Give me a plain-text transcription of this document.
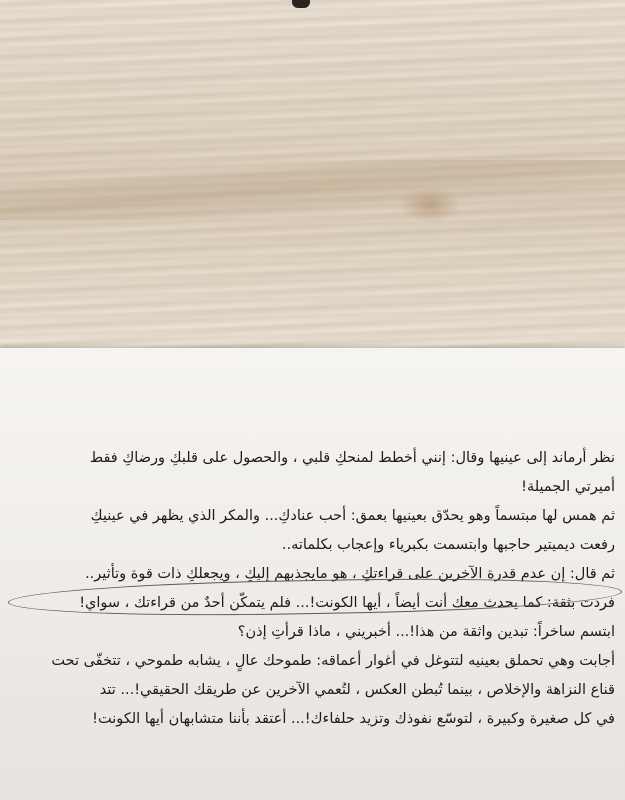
نظر أرماند إلى عينيها وقال: إنني أخطط لمنحكِ قلبي ، والحصول على قلبكِ ورضاكِ فقط
أميرتي الجميلة!
ثم همس لها مبتسماً وهو يحدّق بعينيها بعمق: أحب عنادكِ... والمكر الذي يظهر في عينيكِ
رفعت ديميتير حاجبها وابتسمت بكبرياء وإعجاب بكلماته..
ثم قال: إن عدم قدرة الآخرين على قراءتكِ ، هو مايجذبهم إليكِ ، ويجعلكِ ذات قوة وتأثير..
فردت بثقة: كما يحدث معك أنت أيضاً ، أيها الكونت!... فلم يتمكّن أحدٌ من قراءتك ، سواي!
ابتسم ساخراً: تبدين واثقة من هذا!... أخبريني ، ماذا قرأتِ إذن؟
أجابت وهي تحملق بعينيه لتتوغل في أغوار أعماقه: طموحك عالٍ ، يشابه طموحي ، تتخفّى تحت
قناع النزاهة والإخلاص ، بينما تُبطن العكس ، لتُعمي الآخرين عن طريقك الحقيقي!... تتد
في كل صغيرة وكبيرة ، لتوسّع نفوذك وتزيد حلفاءك!... أعتقد بأننا متشابهان أيها الكونت!
